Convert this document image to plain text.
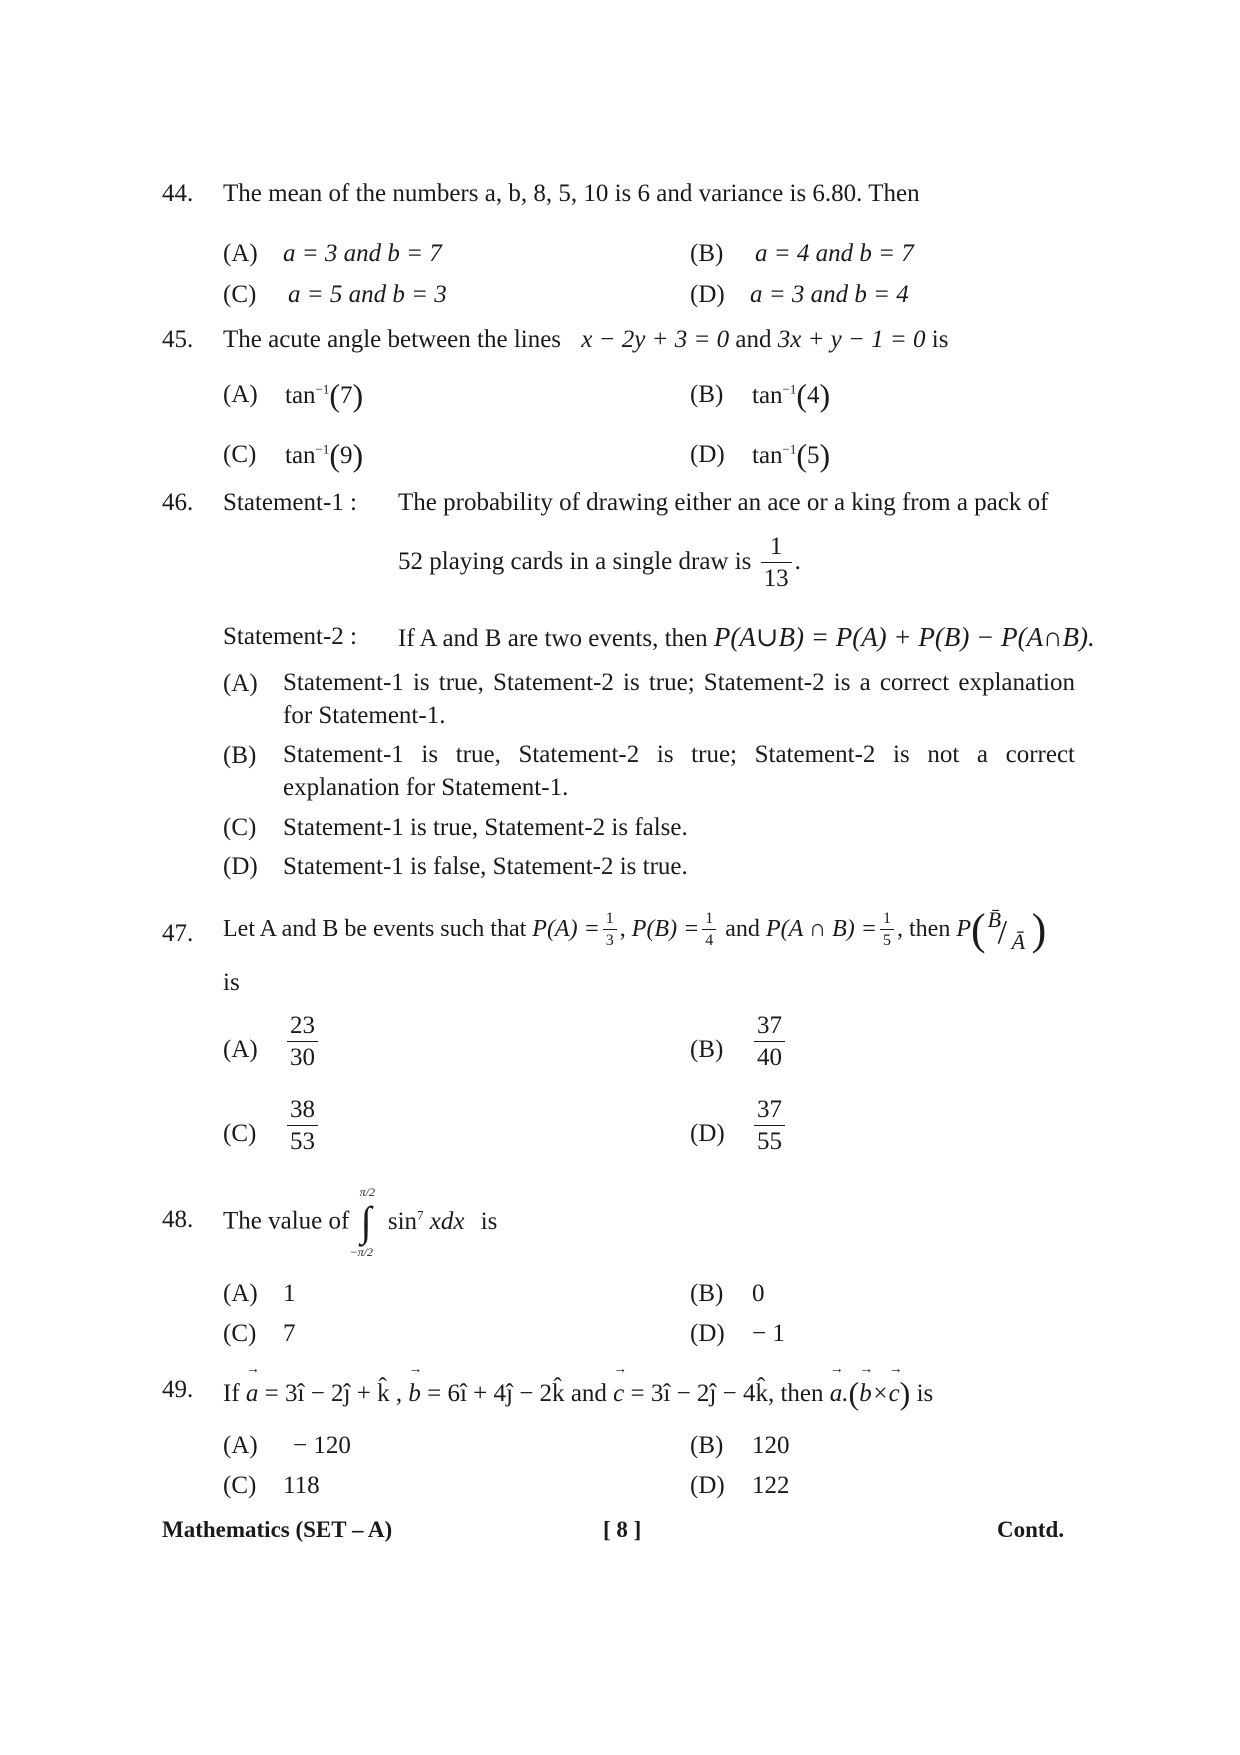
44. The mean of the numbers a, b, 8, 5, 10 is 6 and variance is 6.80. Then
(A) a = 3 and b = 7	(B) a = 4 and b = 7
(C) a = 5 and b = 3	(D) a = 3 and b = 4
45. The acute angle between the lines x − 2y + 3 = 0 and 3x + y − 1 = 0 is
(A) $\tan^{-1}(7)$	(B) $\tan^{-1}(4)$
(C) $\tan^{-1}(9)$	(D) $\tan^{-1}(5)$
46. Statement-1 : The probability of drawing either an ace or a king from a pack of
52 playing cards in a single draw is $\frac{1}{13}$ .
Statement-2 : If A and B are two events, then P(A∪B) = P(A) + P(B) − P(A∩B).
(A) Statement-1 is true, Statement-2 is true; Statement-2 is a correct explanation for Statement-1.
(B) Statement-1 is true, Statement-2 is true; Statement-2 is not a correct explanation for Statement-1.
(C) Statement-1 is true, Statement-2 is false.
(D) Statement-1 is false, Statement-2 is true.
47. Let A and B be events such that $P(A) = \frac{1}{3}$ , $P(B) = \frac{1}{4}$ and P(A ∩ $B) = \frac{1}{5}$ , then P( B̄
/ Ā )
is
$(A) \frac{23}{30}$	$(B) \frac{37}{40}$
$(C) \frac{38}{53}$	$(D) \frac{37}{55}$
48. The value of
π/2
∫
−π/2
$\sin^7$ xdx is
(A) 1	(B) 0
(C) 7	(D) − 1
49. If → a = 3î − 2ĵ + k̂ , → b = 6î + 4ĵ − 2k̂ and → c = 3î − 2ĵ − 4k̂, then → a.(→ b×→ c) is
(A) − 120	(B) 120
(C) 118	(D) 122
Mathematics (SET – A)	[ 8 ]	Contd.
